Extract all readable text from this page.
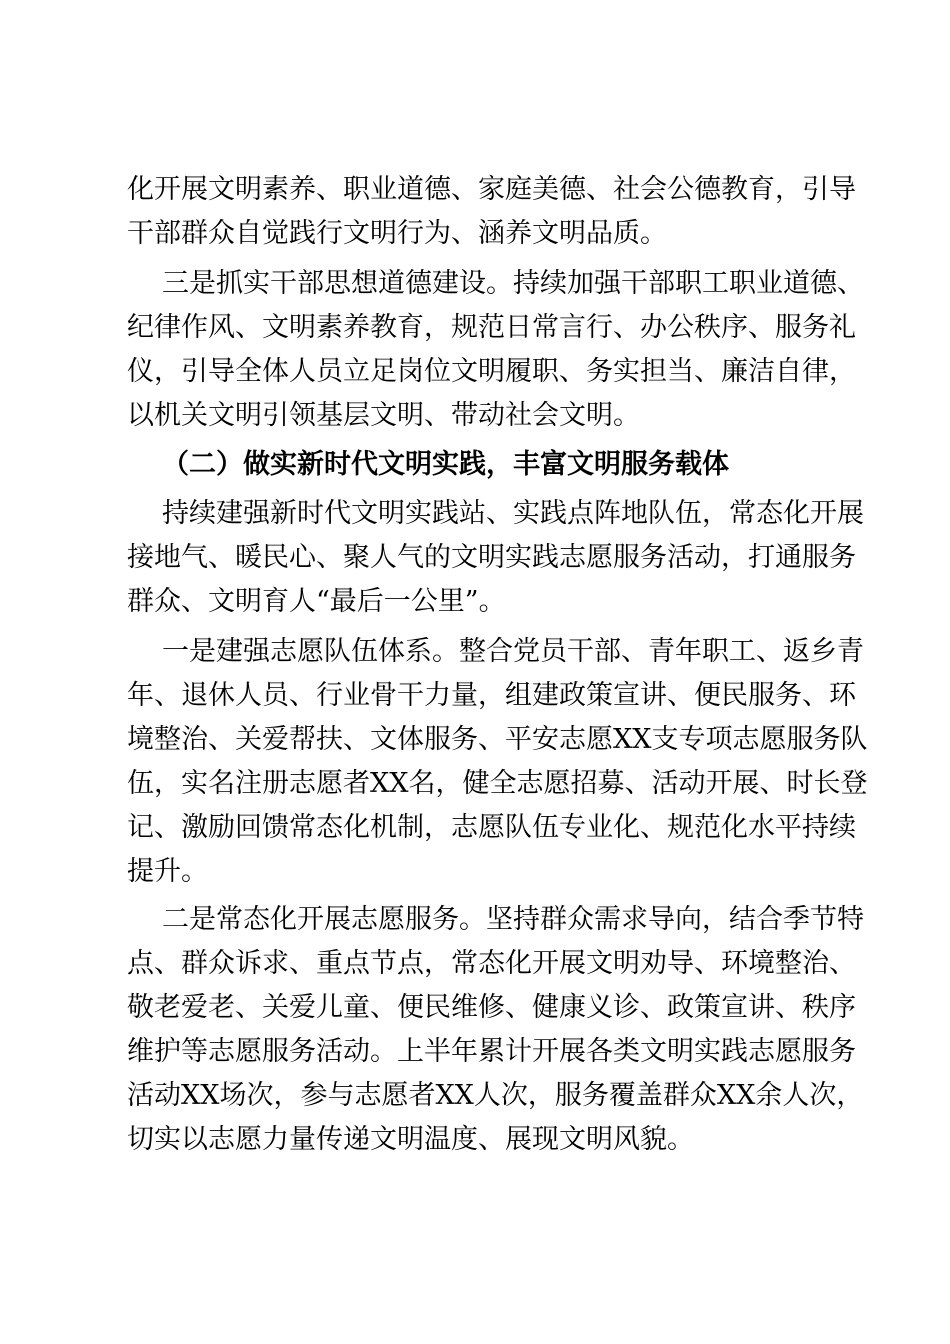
化开展文明素养、职业道德、家庭美德、社会公德教育，引导

干部群众自觉践行文明行为、涵养文明品质。

三是抓实干部思想道德建设。持续加强干部职工职业道德、

纪律作风、文明素养教育，规范日常言行、办公秩序、服务礼

仪，引导全体人员立足岗位文明履职、务实担当、廉洁自律，

以机关文明引领基层文明、带动社会文明。

（二）做实新时代文明实践，丰富文明服务载体

持续建强新时代文明实践站、实践点阵地队伍，常态化开展

接地气、暖民心、聚人气的文明实践志愿服务活动，打通服务

群众、文明育人“最后一公里”。

一是建强志愿队伍体系。整合党员干部、青年职工、返乡青

年、退休人员、行业骨干力量，组建政策宣讲、便民服务、环

境整治、关爱帮扶、文体服务、平安志愿XX支专项志愿服务队

伍，实名注册志愿者XX名，健全志愿招募、活动开展、时长登

记、激励回馈常态化机制，志愿队伍专业化、规范化水平持续

提升。

二是常态化开展志愿服务。坚持群众需求导向，结合季节特

点、群众诉求、重点节点，常态化开展文明劝导、环境整治、

敬老爱老、关爱儿童、便民维修、健康义诊、政策宣讲、秩序

维护等志愿服务活动。上半年累计开展各类文明实践志愿服务

活动XX场次，参与志愿者XX人次，服务覆盖群众XX余人次，

切实以志愿力量传递文明温度、展现文明风貌。
